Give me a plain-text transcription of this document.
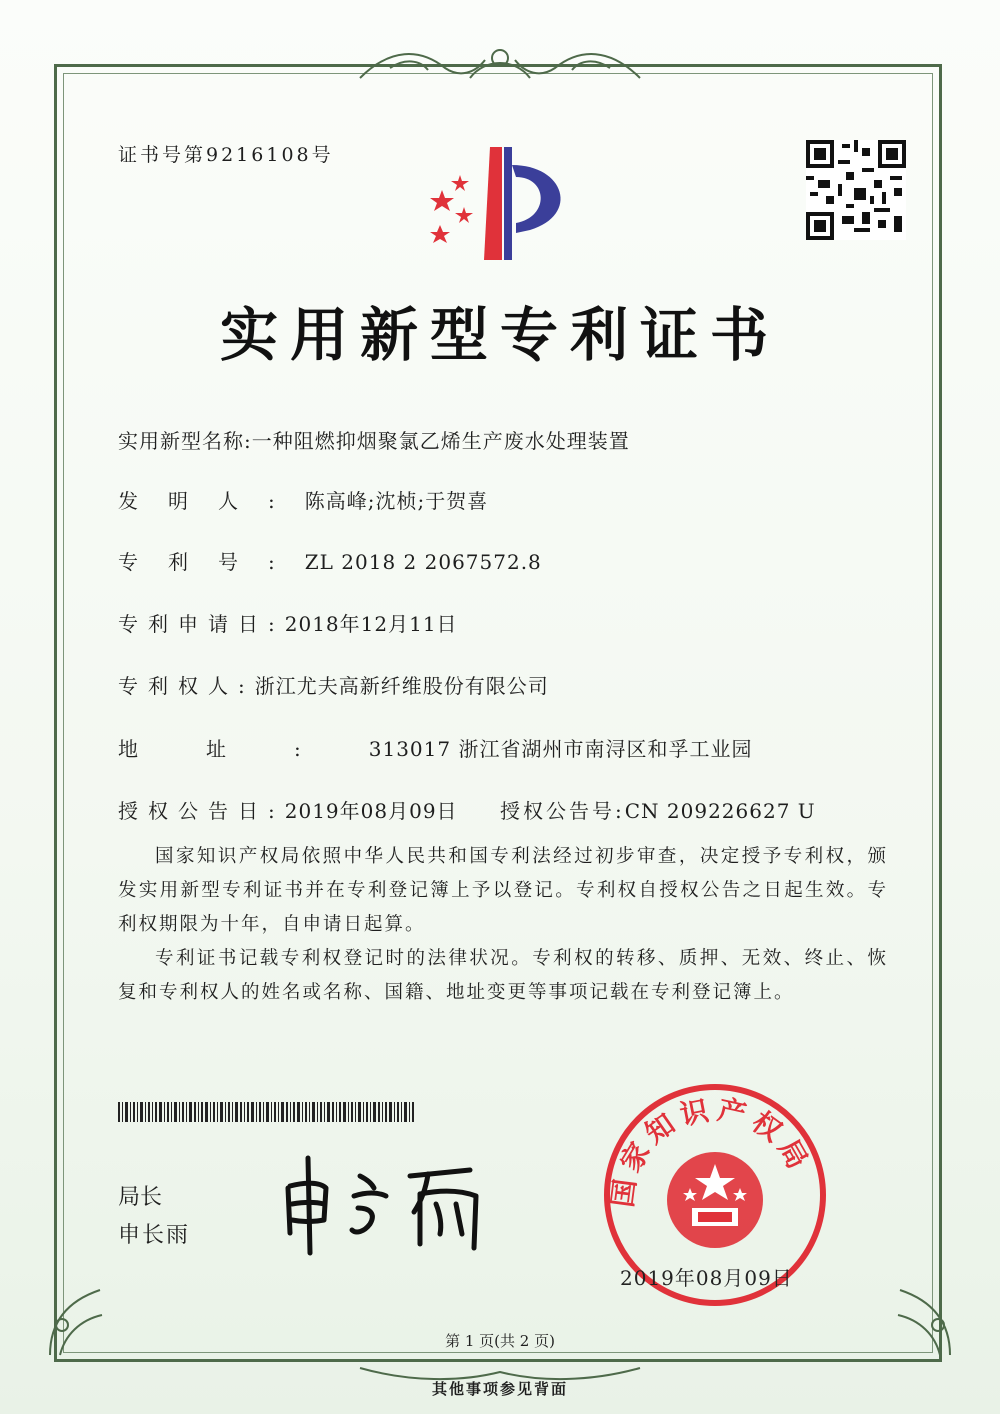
证书号第9216108号
实用新型专利证书
实用新型名称:一种阻燃抑烟聚氯乙烯生产废水处理装置
发明人:陈高峰;沈桢;于贺喜
专利号:ZL 2018 2 2067572.8
专利申请日:2018年12月11日
专利权人:浙江尤夫高新纤维股份有限公司
地址:313017 浙江省湖州市南浔区和孚工业园
授权公告日:2019年08月09日 授权公告号:CN 209226627 U
国家知识产权局依照中华人民共和国专利法经过初步审查，决定授予专利权，颁发实用新型专利证书并在专利登记簿上予以登记。专利权自授权公告之日起生效。专利权期限为十年，自申请日起算。
专利证书记载专利权登记时的法律状况。专利权的转移、质押、无效、终止、恢复和专利权人的姓名或名称、国籍、地址变更等事项记载在专利登记簿上。
局长
申长雨
国家知识产权局
2019年08月09日
第 1 页(共 2 页)
其他事项参见背面
